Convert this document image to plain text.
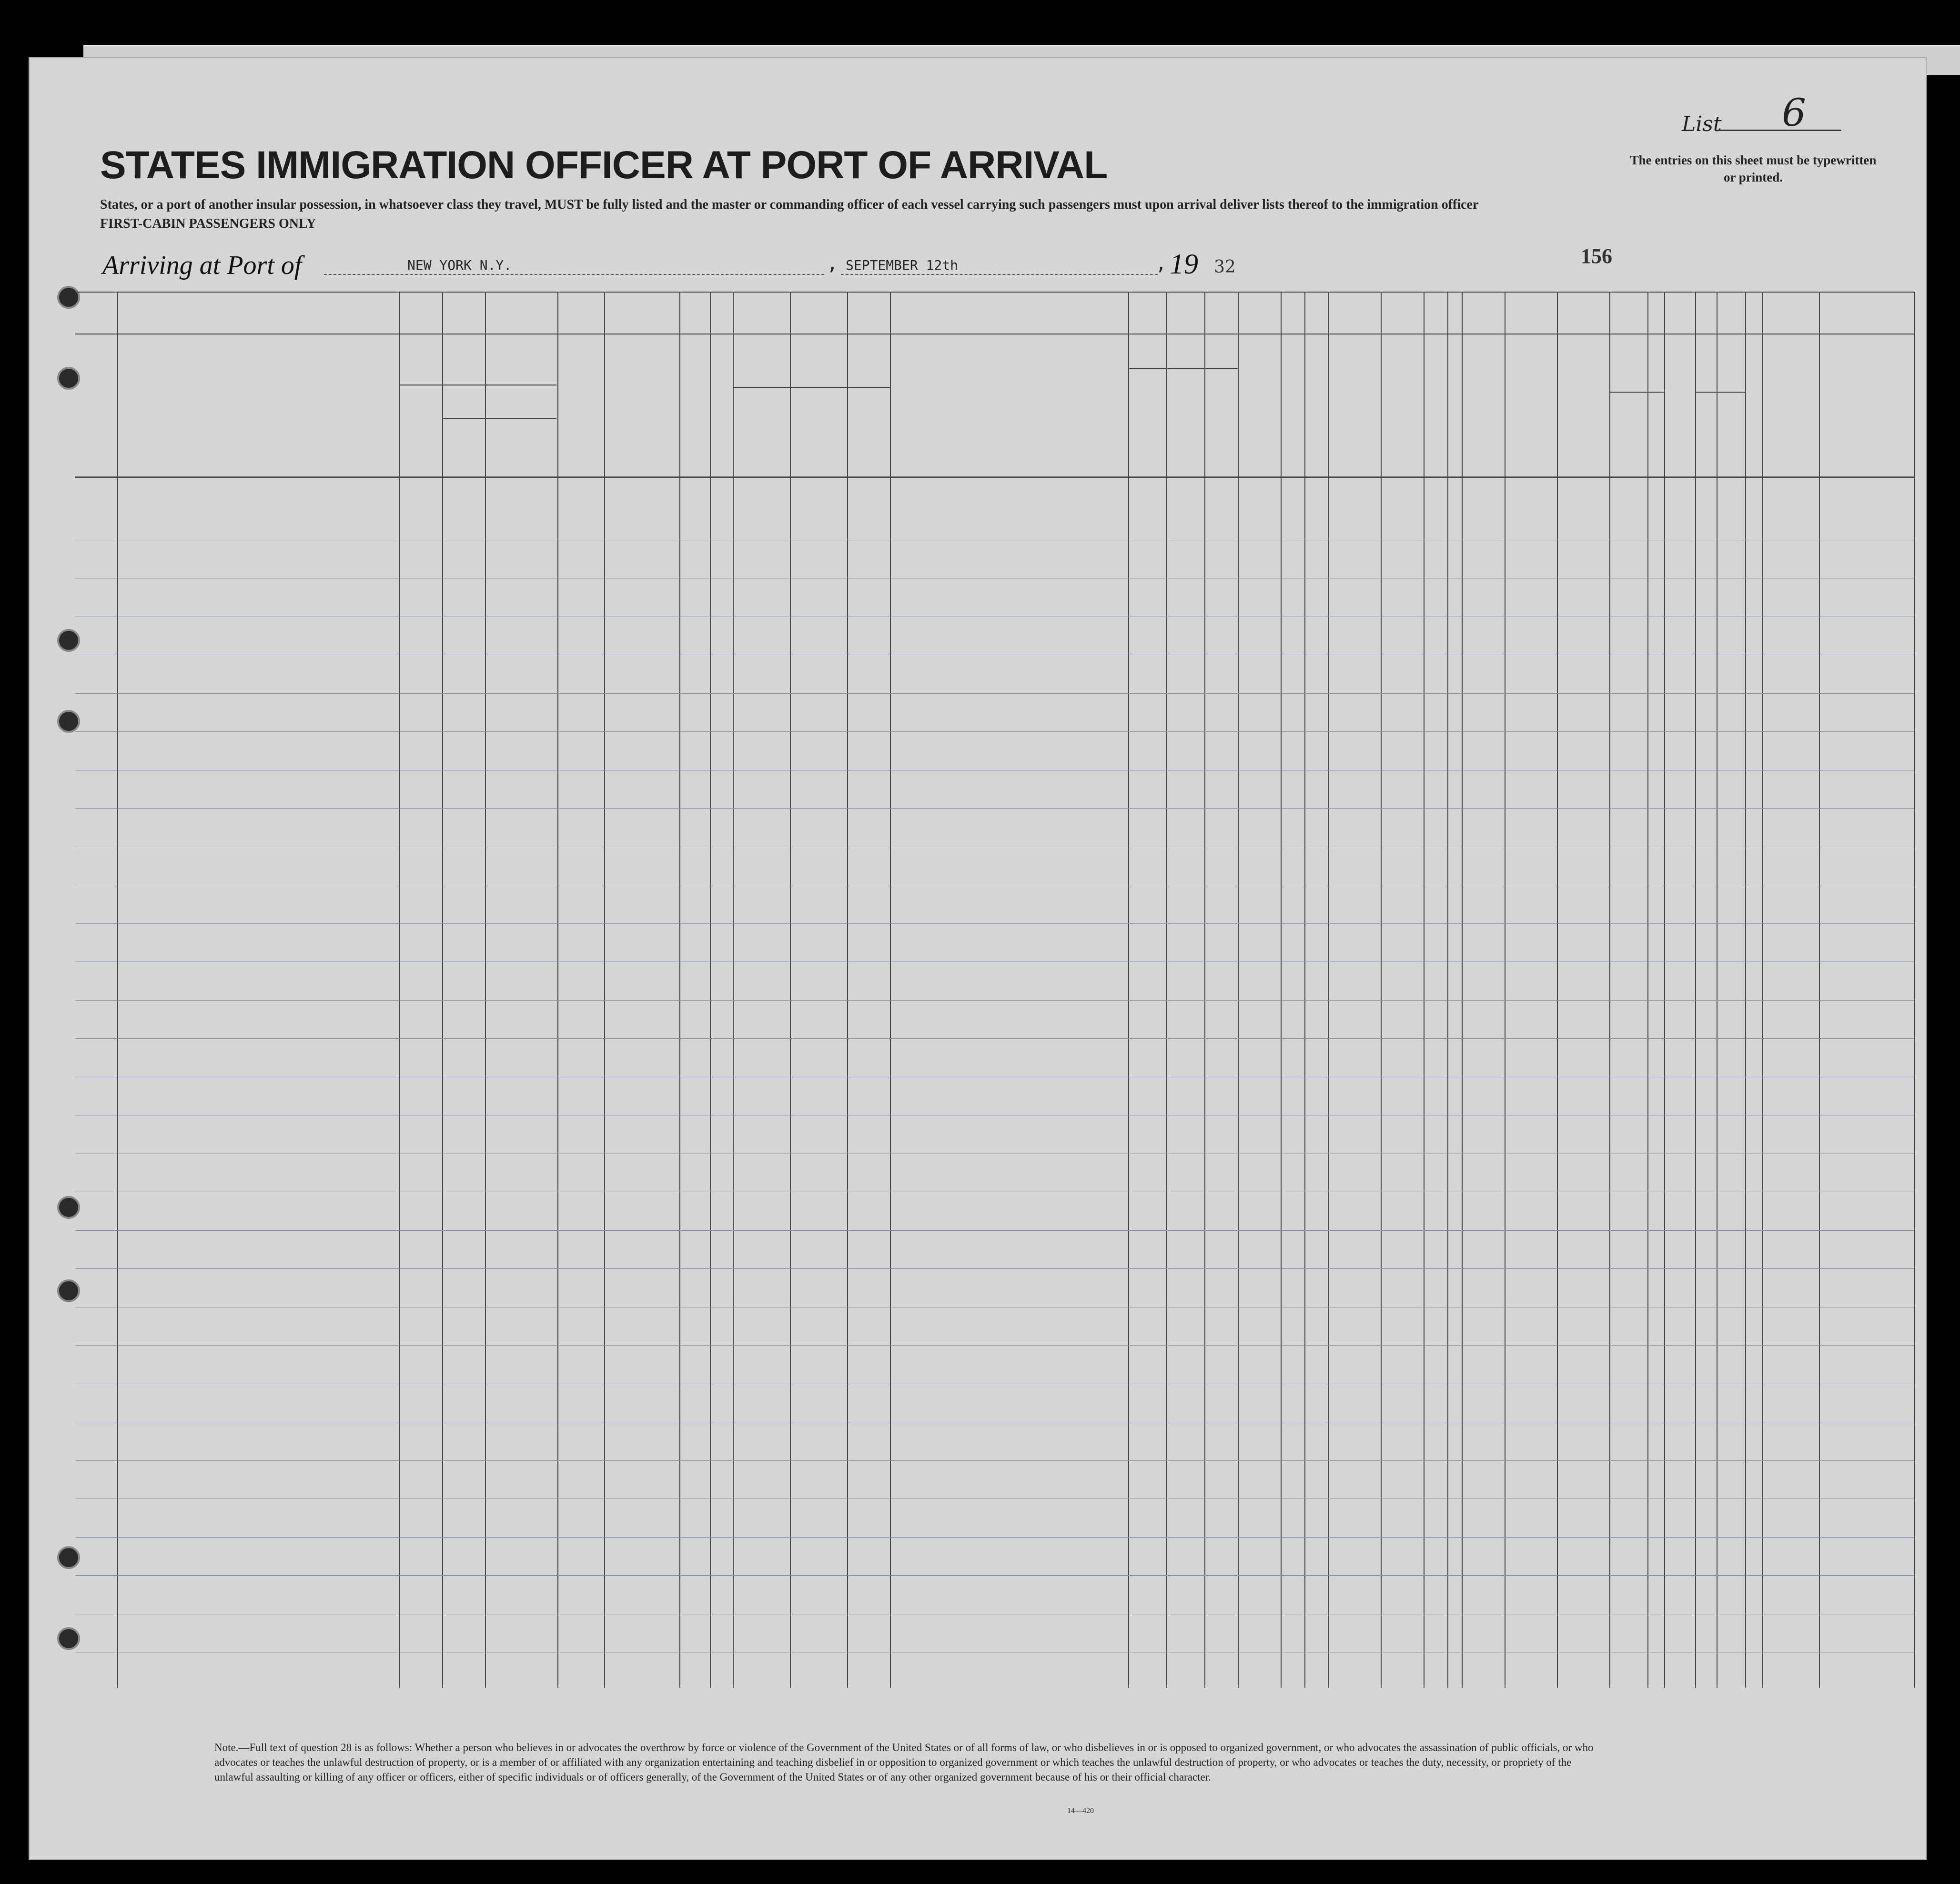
List 6
STATES IMMIGRATION OFFICER AT PORT OF ARRIVAL	The entries on this sheet must be typewritten or printed.
States, or a port of another insular possession, in whatsoever class they travel, MUST be fully listed and the master or commanding officer of each vessel carrying such passengers must upon arrival deliver lists thereof to the immigration officer
FIRST-CABIN PASSENGERS ONLY
Arriving at Port of	NEW YORK N.Y.	, SEPTEMBER 12th	, 19 32	156
Note.—Full text of question 28 is as follows: Whether a person who believes in or advocates the overthrow by force or violence of the Government of the United States or of all forms of law, or who disbelieves in or is opposed to organized government, or who advocates the assassination of public officials, or who advocates or teaches the unlawful destruction of property, or is a member of or affiliated with any organization entertaining and teaching disbelief in or opposition to organized government or which teaches the unlawful destruction of property, or who advocates or teaches the duty, necessity, or propriety of the unlawful assaulting or killing of any officer or officers, either of specific individuals or of officers generally, of the Government of the United States or of any other organized government because of his or their official character.
14—420
